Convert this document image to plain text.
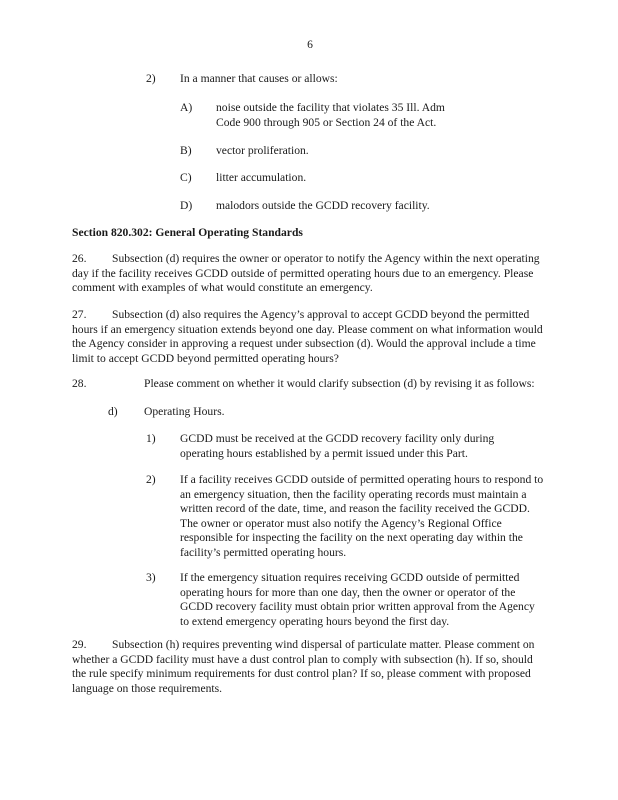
6
2) In a manner that causes or allows:
A) noise outside the facility that violates 35 Ill. Adm Code 900 through 905 or Section 24 of the Act.
B) vector proliferation.
C) litter accumulation.
D) malodors outside the GCDD recovery facility.
Section 820.302: General Operating Standards

26. Subsection (d) requires the owner or operator to notify the Agency within the next operating day if the facility receives GCDD outside of permitted operating hours due to an emergency. Please comment with examples of what would constitute an emergency.

27. Subsection (d) also requires the Agency’s approval to accept GCDD beyond the permitted hours if an emergency situation extends beyond one day. Please comment on what information would the Agency consider in approving a request under subsection (d). Would the approval include a time limit to accept GCDD beyond permitted operating hours?

28.	Please comment on whether it would clarify subsection (d) by revising it as follows:

d) Operating Hours.
1) GCDD must be received at the GCDD recovery facility only during operating hours established by a permit issued under this Part.
2) If a facility receives GCDD outside of permitted operating hours to respond to an emergency situation, then the facility operating records must maintain a written record of the date, time, and reason the facility received the GCDD. The owner or operator must also notify the Agency’s Regional Office responsible for inspecting the facility on the next operating day within the facility’s permitted operating hours.
3) If the emergency situation requires receiving GCDD outside of permitted operating hours for more than one day, then the owner or operator of the GCDD recovery facility must obtain prior written approval from the Agency to extend emergency operating hours beyond the first day.

29. Subsection (h) requires preventing wind dispersal of particulate matter. Please comment on whether a GCDD facility must have a dust control plan to comply with subsection (h). If so, should the rule specify minimum requirements for dust control plan? If so, please comment with proposed language on those requirements.
